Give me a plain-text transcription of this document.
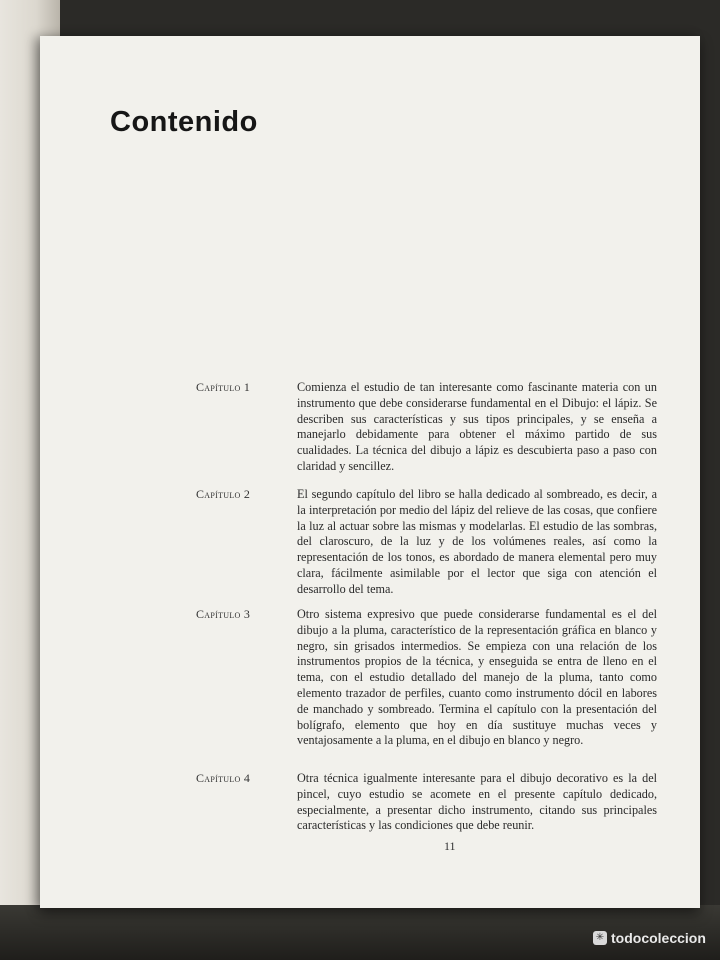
Contenido
Capítulo 1	Comienza el estudio de tan interesante como fascinante materia con un instrumento que debe considerarse fundamental en el Dibujo: el lápiz. Se describen sus características y sus tipos principales, y se enseña a manejarlo debidamente para obtener el máximo partido de sus cualidades. La técnica del dibujo a lápiz es descubierta paso a paso con claridad y sencillez.

Capítulo 2	El segundo capítulo del libro se halla dedicado al sombreado, es decir, a la interpretación por medio del lápiz del relieve de las cosas, que confiere la luz al actuar sobre las mismas y modelarlas. El estudio de las sombras, del claroscuro, de la luz y de los volúmenes reales, así como la representación de los tonos, es abordado de manera elemental pero muy clara, fácilmente asimilable por el lector que siga con atención el desarrollo del tema.

Capítulo 3	Otro sistema expresivo que puede considerarse fundamental es el del dibujo a la pluma, característico de la representación gráfica en blanco y negro, sin grisados intermedios. Se empieza con una relación de los instrumentos propios de la técnica, y enseguida se entra de lleno en el tema, con el estudio detallado del manejo de la pluma, tanto como elemento trazador de perfiles, cuanto como instrumento dócil en labores de manchado y sombreado. Termina el capítulo con la presentación del bolígrafo, elemento que hoy en día sustituye muchas veces y ventajosamente a la pluma, en el dibujo en blanco y negro.

Capítulo 4	Otra técnica igualmente interesante para el dibujo decorativo es la del pincel, cuyo estudio se acomete en el presente capítulo dedicado, especialmente, a presentar dicho instrumento, citando sus principales características y las condiciones que debe reunir.

11
✳ todocoleccion
